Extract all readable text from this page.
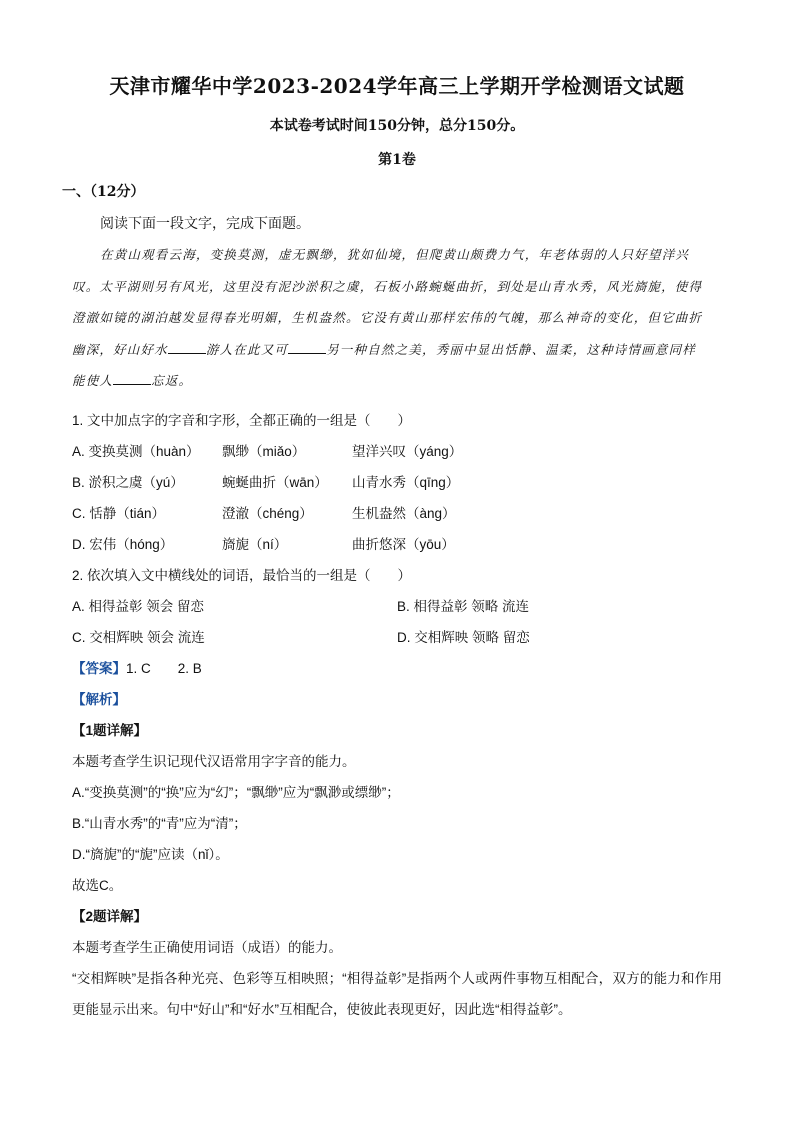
天津市耀华中学2023-2024学年高三上学期开学检测语文试题
本试卷考试时间150分钟，总分150分。
第1卷
一、（12分）
阅读下面一段文字，完成下面题。

在黄山观看云海，变换莫测，虚无飘缈，犹如仙境，但爬黄山颇费力气，年老体弱的人只好望洋兴

叹。太平湖则另有风光，这里没有泥沙淤积之虞，石板小路蜿蜒曲折，到处是山青水秀，风光旖旎，使得

澄澈如镜的湖泊越发显得春光明媚，生机盎然。它没有黄山那样宏伟的气魄，那么神奇的变化，但它曲折

幽深，好山好水	游人在此又可	另一种自然之美，秀丽中显出恬静、温柔，这种诗情画意同样

能使人	忘返。

1. 文中加点字的字音和字形，全都正确的一组是（　　）
A. 变换莫测（huàn） 飘缈（miǎo）	望洋兴叹（yáng）
B. 淤积之虞（yú）	蜿蜒曲折（wān） 山青水秀（qīng）
C. 恬静（tián）	澄澈（chéng）	生机盎然（àng）
D. 宏伟（hóng）	旖旎（ní）	曲折悠深（yōu）
2. 依次填入文中横线处的词语，最恰当的一组是（　　）
A. 相得益彰 领会 留恋	B. 相得益彰 领略 流连
C. 交相辉映 领会 流连	D. 交相辉映 领略 留恋
【答案】1. C　　2. B
【解析】
【1题详解】
本题考查学生识记现代汉语常用字字音的能力。
A.“变换莫测”的“换”应为“幻”；“飘缈”应为“飘渺或缥缈”；
B.“山青水秀”的“青”应为“清”；
D.“旖旎”的“旎”应读（nǐ）。
故选C。
【2题详解】
本题考查学生正确使用词语（成语）的能力。
“交相辉映”是指各种光亮、色彩等互相映照；“相得益彰”是指两个人或两件事物互相配合，双方的能力和作用更能显示出来。句中“好山”和“好水”互相配合，使彼此表现更好，因此选“相得益彰”。
